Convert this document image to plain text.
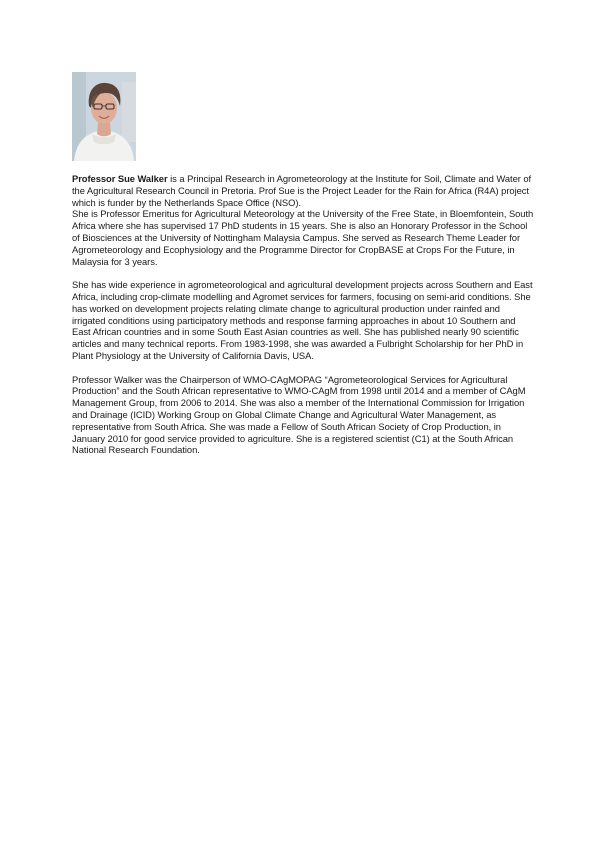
Professor Sue Walker is a Principal Research in Agrometeorology at the Institute for Soil, Climate and Water of the Agricultural Research Council in Pretoria. Prof Sue is the Project Leader for the Rain for Africa (R4A) project which is funder by the Netherlands Space Office (NSO).

She is Professor Emeritus for Agricultural Meteorology at the University of the Free State, in Bloemfontein, South Africa where she has supervised 17 PhD students in 15 years. She is also an Honorary Professor in the School of Biosciences at the University of Nottingham Malaysia Campus. She served as Research Theme Leader for Agrometeorology and Ecophysiology and the Programme Director for CropBASE at Crops For the Future, in Malaysia for 3 years.

She has wide experience in agrometeorological and agricultural development projects across Southern and East Africa, including crop-climate modelling and Agromet services for farmers, focusing on semi-arid conditions. She has worked on development projects relating climate change to agricultural production under rainfed and irrigated conditions using participatory methods and response farming approaches in about 10 Southern and East African countries and in some South East Asian countries as well. She has published nearly 90 scientific articles and many technical reports. From 1983-1998, she was awarded a Fulbright Scholarship for her PhD in Plant Physiology at the University of California Davis, USA.

Professor Walker was the Chairperson of WMO-CAgMOPAG “Agrometeorological Services for Agricultural Production” and the South African representative to WMO-CAgM from 1998 until 2014 and a member of CAgM Management Group, from 2006 to 2014. She was also a member of the International Commission for Irrigation and Drainage (ICID) Working Group on Global Climate Change and Agricultural Water Management, as representative from South Africa. She was made a Fellow of South African Society of Crop Production, in January 2010 for good service provided to agriculture. She is a registered scientist (C1) at the South African National Research Foundation.
